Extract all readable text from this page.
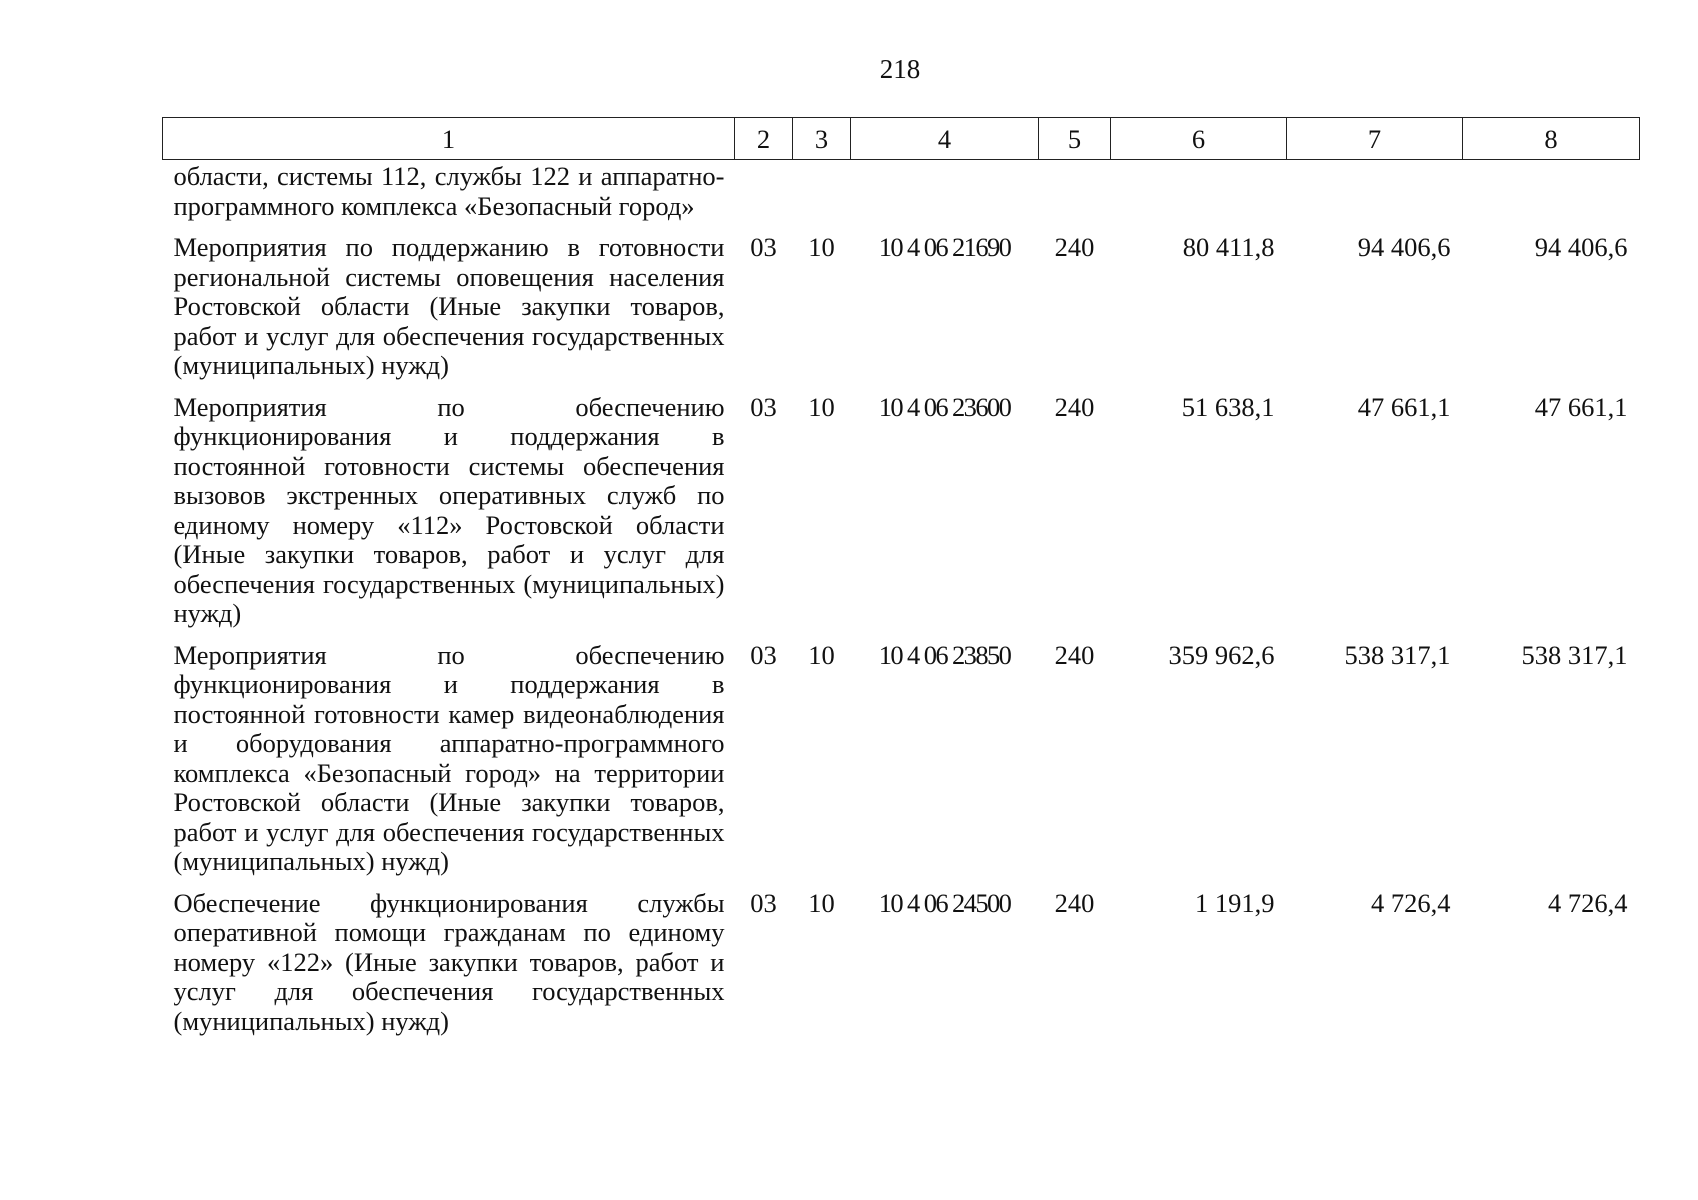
218
1	2	3	4	5	6	7	8
области, системы 112, службы 122 и аппаратно-программного комплекса «Безопасный город»							
Мероприятия по поддержанию в готовности региональной системы оповещения населения Ростовской области (Иные закупки товаров, работ и услуг для обеспечения государственных (муниципальных) нужд)	03	10	10 4 06 21690	240	80 411,8	94 406,6	94 406,6
Мероприятия по обеспечению функционирования и поддержания в постоянной готовности системы обеспечения вызовов экстренных оперативных служб по единому номеру «112» Ростовской области (Иные закупки товаров, работ и услуг для обеспечения государственных (муниципальных) нужд)	03	10	10 4 06 23600	240	51 638,1	47 661,1	47 661,1
Мероприятия по обеспечению функционирования и поддержания в постоянной готовности камер видеонаблюдения и оборудования аппаратно-программного комплекса «Безопасный город» на территории Ростовской области (Иные закупки товаров, работ и услуг для обеспечения государственных (муниципальных) нужд)	03	10	10 4 06 23850	240	359 962,6	538 317,1	538 317,1
Обеспечение функционирования службы оперативной помощи гражданам по единому номеру «122» (Иные закупки товаров, работ и услуг для обеспечения государственных (муниципальных) нужд)	03	10	10 4 06 24500	240	1 191,9	4 726,4	4 726,4
